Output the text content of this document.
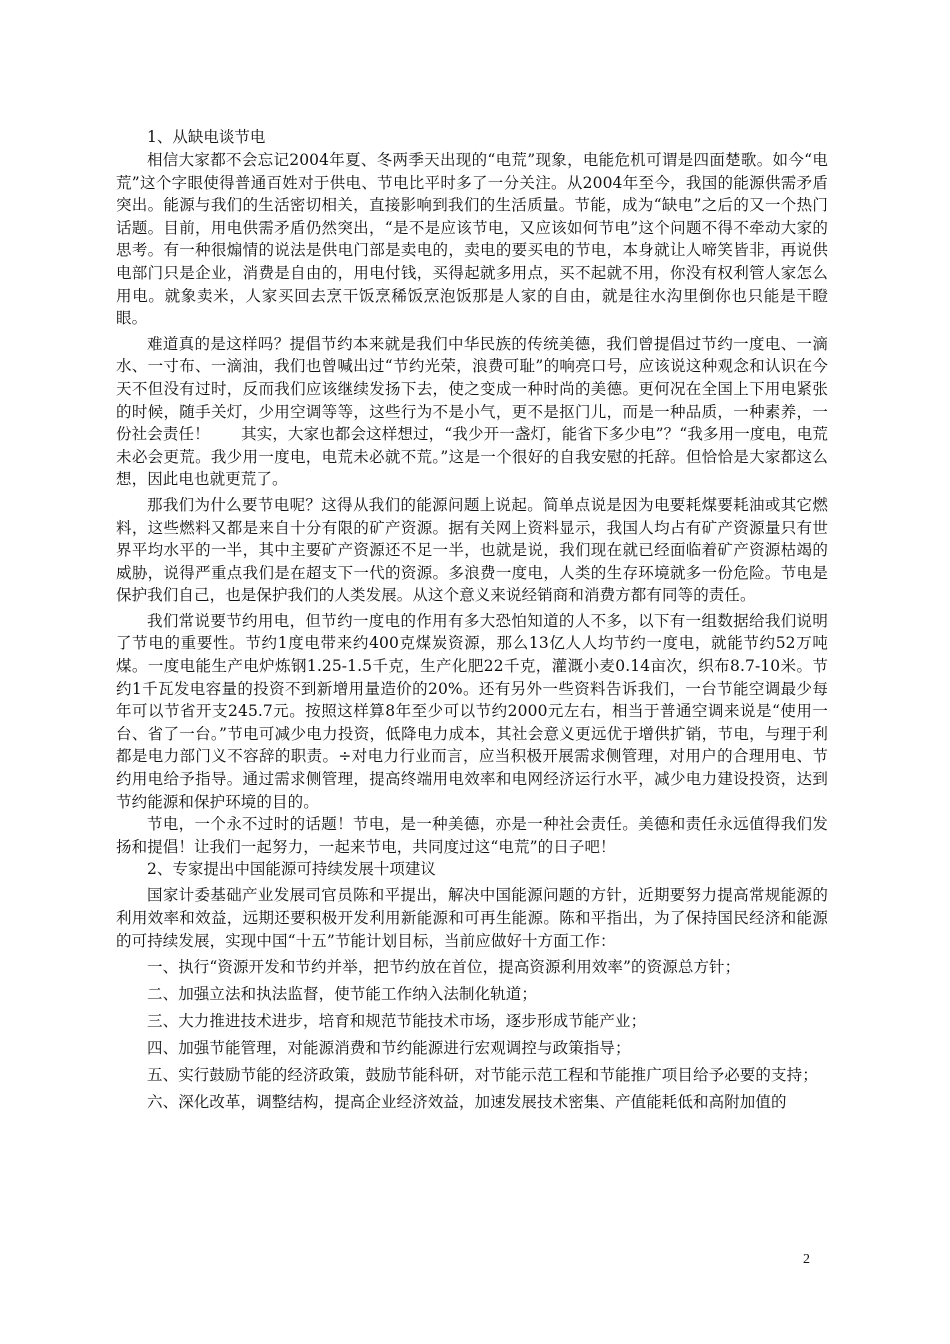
1、从缺电谈节电

相信大家都不会忘记2004年夏、冬两季天出现的“电荒”现象，电能危机可谓是四面楚歌。如今“电荒”这个字眼使得普通百姓对于供电、节电比平时多了一分关注。从2004年至今，我国的能源供需矛盾突出。能源与我们的生活密切相关，直接影响到我们的生活质量。节能，成为“缺电”之后的又一个热门话题。目前，用电供需矛盾仍然突出，“是不是应该节电，又应该如何节电”这个问题不得不牵动大家的思考。有一种很煽情的说法是供电门部是卖电的，卖电的要买电的节电，本身就让人啼笑皆非，再说供电部门只是企业，消费是自由的，用电付钱，买得起就多用点，买不起就不用，你没有权利管人家怎么用电。就象卖米，人家买回去烹干饭烹稀饭烹泡饭那是人家的自由，就是往水沟里倒你也只能是干瞪眼。

难道真的是这样吗？提倡节约本来就是我们中华民族的传统美德，我们曾提倡过节约一度电、一滴水、一寸布、一滴油，我们也曾喊出过“节约光荣，浪费可耻”的响亮口号，应该说这种观念和认识在今天不但没有过时，反而我们应该继续发扬下去，使之变成一种时尚的美德。更何况在全国上下用电紧张的时候，随手关灯，少用空调等等，这些行为不是小气，更不是抠门儿，而是一种品质，一种素养，一份社会责任！　　其实，大家也都会这样想过，“我少开一盏灯，能省下多少电”？“我多用一度电，电荒未必会更荒。我少用一度电，电荒未必就不荒。”这是一个很好的自我安慰的托辞。但恰恰是大家都这么想，因此电也就更荒了。

那我们为什么要节电呢？这得从我们的能源问题上说起。简单点说是因为电要耗煤要耗油或其它燃料，这些燃料又都是来自十分有限的矿产资源。据有关网上资料显示，我国人均占有矿产资源量只有世界平均水平的一半，其中主要矿产资源还不足一半，也就是说，我们现在就已经面临着矿产资源枯竭的威胁，说得严重点我们是在超支下一代的资源。多浪费一度电，人类的生存环境就多一份危险。节电是保护我们自己，也是保护我们的人类发展。从这个意义来说经销商和消费方都有同等的责任。

我们常说要节约用电，但节约一度电的作用有多大恐怕知道的人不多，以下有一组数据给我们说明了节电的重要性。节约1度电带来约400克煤炭资源，那么13亿人人均节约一度电，就能节约52万吨煤。一度电能生产电炉炼钢1.25-1.5千克，生产化肥22千克，灌溉小麦0.14亩次，织布8.7-10米。节约1千瓦发电容量的投资不到新增用量造价的20%。还有另外一些资料告诉我们，一台节能空调最少每年可以节省开支245.7元。按照这样算8年至少可以节约2000元左右，相当于普通空调来说是“使用一台、省了一台。”节电可减少电力投资，低降电力成本，其社会意义更远优于增供扩销，节电，与理于利都是电力部门义不容辞的职责。÷对电力行业而言，应当积极开展需求侧管理，对用户的合理用电、节约用电给予指导。通过需求侧管理，提高终端用电效率和电网经济运行水平，减少电力建设投资，达到节约能源和保护环境的目的。

节电，一个永不过时的话题！节电，是一种美德，亦是一种社会责任。美德和责任永远值得我们发扬和提倡！让我们一起努力，一起来节电，共同度过这“电荒”的日子吧！

2、专家提出中国能源可持续发展十项建议

国家计委基础产业发展司官员陈和平提出，解决中国能源问题的方针，近期要努力提高常规能源的利用效率和效益，远期还要积极开发利用新能源和可再生能源。陈和平指出，为了保持国民经济和能源的可持续发展，实现中国“十五”节能计划目标，当前应做好十方面工作：

一、执行“资源开发和节约并举，把节约放在首位，提高资源利用效率”的资源总方针；

二、加强立法和执法监督，使节能工作纳入法制化轨道；

三、大力推进技术进步，培育和规范节能技术市场，逐步形成节能产业；

四、加强节能管理，对能源消费和节约能源进行宏观调控与政策指导；

五、实行鼓励节能的经济政策，鼓励节能科研，对节能示范工程和节能推广项目给予必要的支持；

六、深化改革，调整结构，提高企业经济效益，加速发展技术密集、产值能耗低和高附加值的

2
